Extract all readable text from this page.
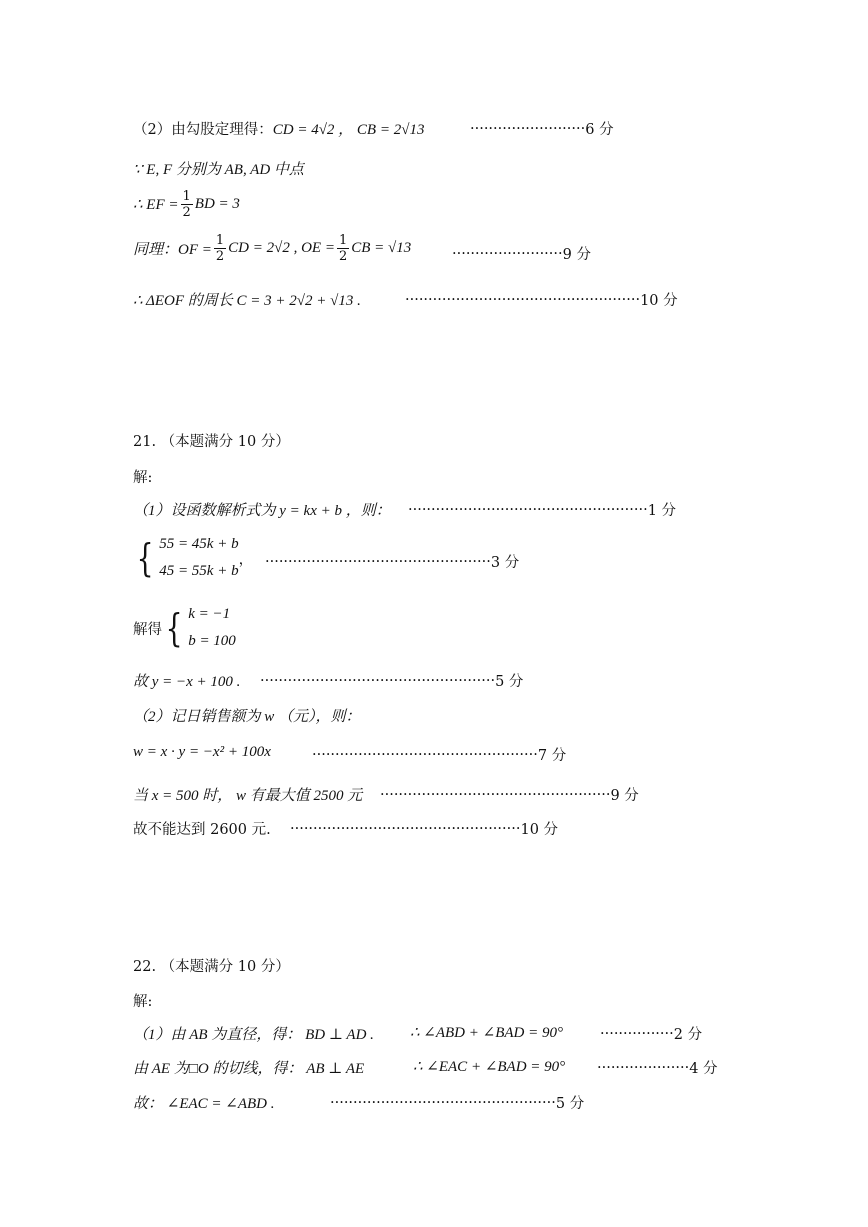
（2）由勾股定理得： CD = 4√2 ， CB = 2√13	························· 6 分
∵ E, F 分别为 AB, AD 中点
∴ EF = $\frac{1}{2}$ BD = 3
同理：OF = $\frac{1}{2}$ CD = 2√2 , OE = $\frac{1}{2}$ CB = √13	························ 9 分
∴ ΔEOF 的周长 C = 3 + 2√2 + √13 .	··················································· 10 分
21. （本题满分 10 分）
解:
（1）设函数解析式为 y = kx + b ，则： ···················································· 1 分
{ 55 = 45k + b
45 = 55k + b
， ················································· 3 分
解得 { k = −1
b = 100
故 y = −x + 100 . ··················································· 5 分
（2）记日销售额为 w （元），则：
w = x · y = −x² + 100x	················································· 7 分
当 x = 500 时， w 有最大值 2500 元 ·················································· 9 分
故不能达到 2600 元. ·················································· 10 分
22. （本题满分 10 分）
解:
（1）由 AB 为直径，得： BD ⊥ AD . ∴ ∠ABD + ∠BAD = 90°	················ 2 分
由 AE 为□O 的切线，得： AB ⊥ AE	∴ ∠EAC + ∠BAD = 90° ···················· 4 分
故： ∠EAC = ∠ABD .	················································· 5 分
